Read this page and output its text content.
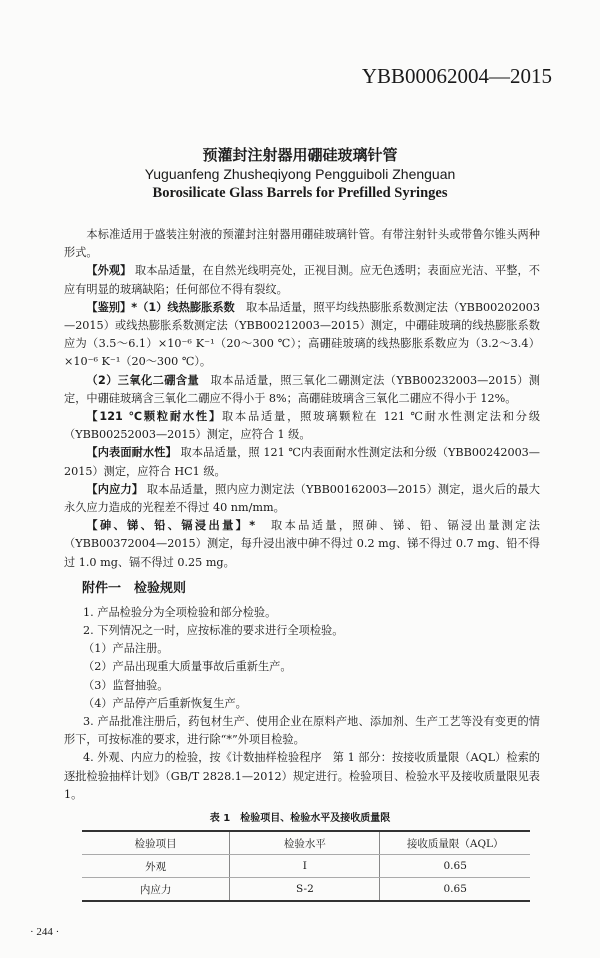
YBB00062004—2015
预灌封注射器用硼硅玻璃针管
Yuguanfeng Zhusheqiyong Pengguiboli Zhenguan
Borosilicate Glass Barrels for Prefilled Syringes

本标准适用于盛装注射液的预灌封注射器用硼硅玻璃针管。有带注射针头或带鲁尔锥头两种形式。

【外观】 取本品适量，在自然光线明亮处，正视目测。应无色透明；表面应光洁、平整，不应有明显的玻璃缺陷；任何部位不得有裂纹。

【鉴别】*（1）线热膨胀系数　取本品适量，照平均线热膨胀系数测定法（YBB00202003—2015）或线热膨胀系数测定法（YBB00212003—2015）测定，中硼硅玻璃的线热膨胀系数应为（3.5～6.1）×10⁻⁶ K⁻¹（20～300 ℃）；高硼硅玻璃的线热膨胀系数应为（3.2～3.4）×10⁻⁶ K⁻¹（20～300 ℃）。

（2）三氧化二硼含量　取本品适量，照三氧化二硼测定法（YBB00232003—2015）测定，中硼硅玻璃含三氧化二硼应不得小于 8%；高硼硅玻璃含三氧化二硼应不得小于 12%。

【121 ℃颗粒耐水性】取本品适量，照玻璃颗粒在 121 ℃耐水性测定法和分级（YBB00252003—2015）测定，应符合 1 级。

【内表面耐水性】 取本品适量，照 121 ℃内表面耐水性测定法和分级（YBB00242003—2015）测定，应符合 HC1 级。

【内应力】 取本品适量，照内应力测定法（YBB00162003—2015）测定，退火后的最大永久应力造成的光程差不得过 40 nm/mm。

【砷、锑、铅、镉浸出量】*　取本品适量，照砷、锑、铅、镉浸出量测定法（YBB00372004—2015）测定，每升浸出液中砷不得过 0.2 mg、锑不得过 0.7 mg、铅不得过 1.0 mg、镉不得过 0.25 mg。

附件一　检验规则

1. 产品检验分为全项检验和部分检验。

2. 下列情况之一时，应按标准的要求进行全项检验。

（1）产品注册。

（2）产品出现重大质量事故后重新生产。

（3）监督抽验。

（4）产品停产后重新恢复生产。

3. 产品批准注册后，药包材生产、使用企业在原料产地、添加剂、生产工艺等没有变更的情形下，可按标准的要求，进行除“*”外项目检验。

4. 外观、内应力的检验，按《计数抽样检验程序　第 1 部分：按接收质量限（AQL）检索的逐批检验抽样计划》（GB/T 2828.1—2012）规定进行。检验项目、检验水平及接收质量限见表 1。

表 1　检验项目、检验水平及接收质量限
检验项目	检验水平	接收质量限（AQL）
外观	Ⅰ	0.65
内应力	S-2	0.65
· 244 ·
